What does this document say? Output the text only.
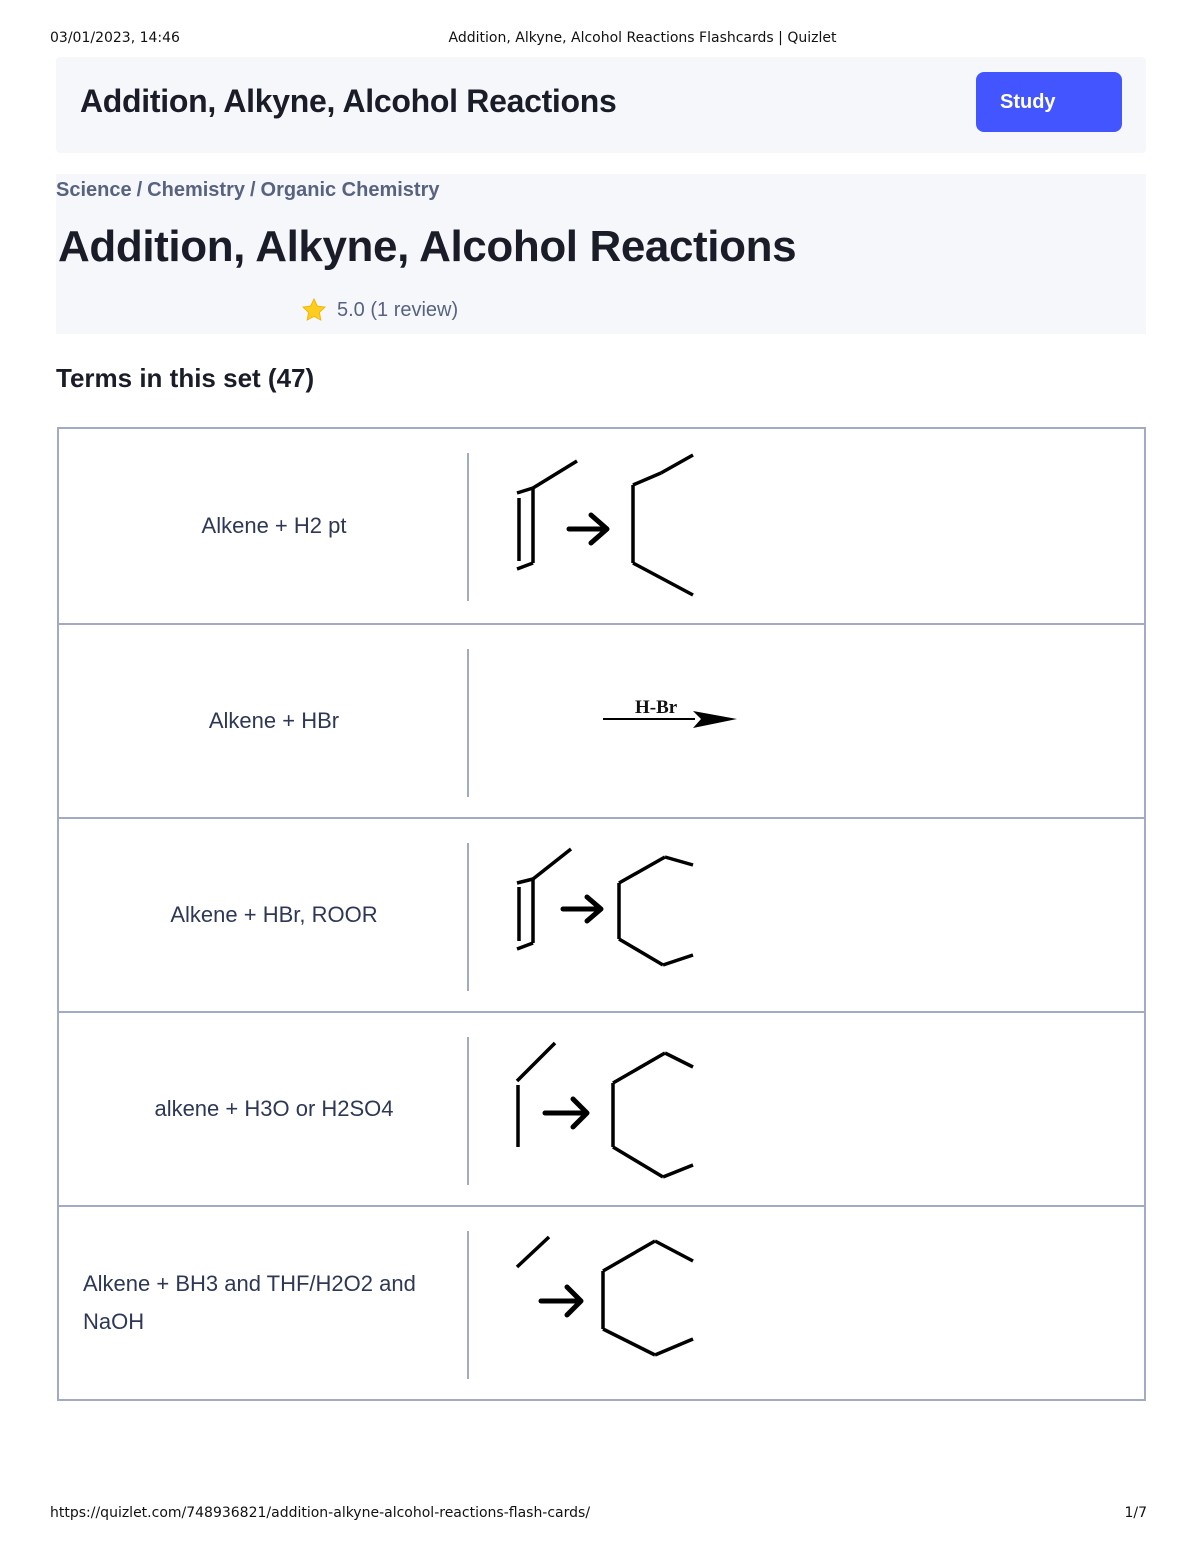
03/01/2023, 14:46	Addition, Alkyne, Alcohol Reactions Flashcards | Quizlet
Addition, Alkyne, Alcohol Reactions	Study
Science / Chemistry / Organic Chemistry
Addition, Alkyne, Alcohol Reactions
5.0 (1 review)
Terms in this set (47)
Alkene + H2 pt
Alkene + HBr
H-Br
Alkene + HBr, ROOR
alkene + H3O or H2SO4
Alkene + BH3 and THF/H2O2 and NaOH
https://quizlet.com/748936821/addition-alkyne-alcohol-reactions-flash-cards/	1/7
